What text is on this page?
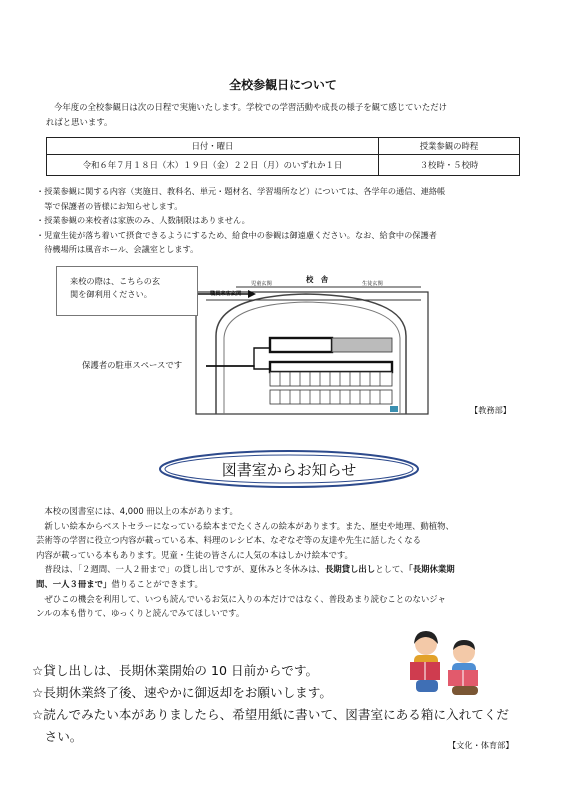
全校参観日について
今年度の全校参観日は次の日程で実施いたします。学校での学習活動や成長の様子を観て感じていただけ
ればと思います。
日付・曜日	授業参観の時程
令和６年７月１８日（木）１９日（金）２２日（月）のいずれか１日	３校時・５校時
・授業参観に関する内容（実施日、教科名、単元・題材名、学習場所など）については、各学年の通信、連絡帳
　等で保護者の皆様にお知らせします。
・授業参観の来校者は家族のみ、人数制限はありません。
・児童生徒が落ち着いて摂食できるようにするため、給食中の参観は御遠慮ください。なお、給食中の保護者
　待機場所は風音ホール、会議室とします。
来校の際は、こちらの玄
関を御利用ください。
保護者の駐車スペースです
校　舎
児童玄関	生徒玄関
職員来客玄関
【教務部】
図書室からお知らせ
　本校の図書室には、4,000 冊以上の本があります。
　新しい絵本からベストセラーになっている絵本までたくさんの絵本があります。また、歴史や地理、動植物、
芸術等の学習に役立つ内容が載っている本、料理のレシピ本、なぞなぞ等の友達や先生に話したくなる
内容が載っている本もあります。児童・生徒の皆さんに人気の本はしかけ絵本です。
　普段は、「２週間、一人２冊まで」の貸し出しですが、夏休みと冬休みは、長期貸し出しとして、「長期休業期
間、一人３冊まで」借りることができます。
　ぜひこの機会を利用して、いつも読んでいるお気に入りの本だけではなく、普段あまり読むことのないジャ
ンルの本も借りて、ゆっくりと読んでみてほしいです。
☆貸し出しは、長期休業開始の 10 日前からです。
☆長期休業終了後、速やかに御返却をお願いします。
☆読んでみたい本がありましたら、希望用紙に書いて、図書室にある箱に入れてくだ
　さい。
【文化・体育部】
